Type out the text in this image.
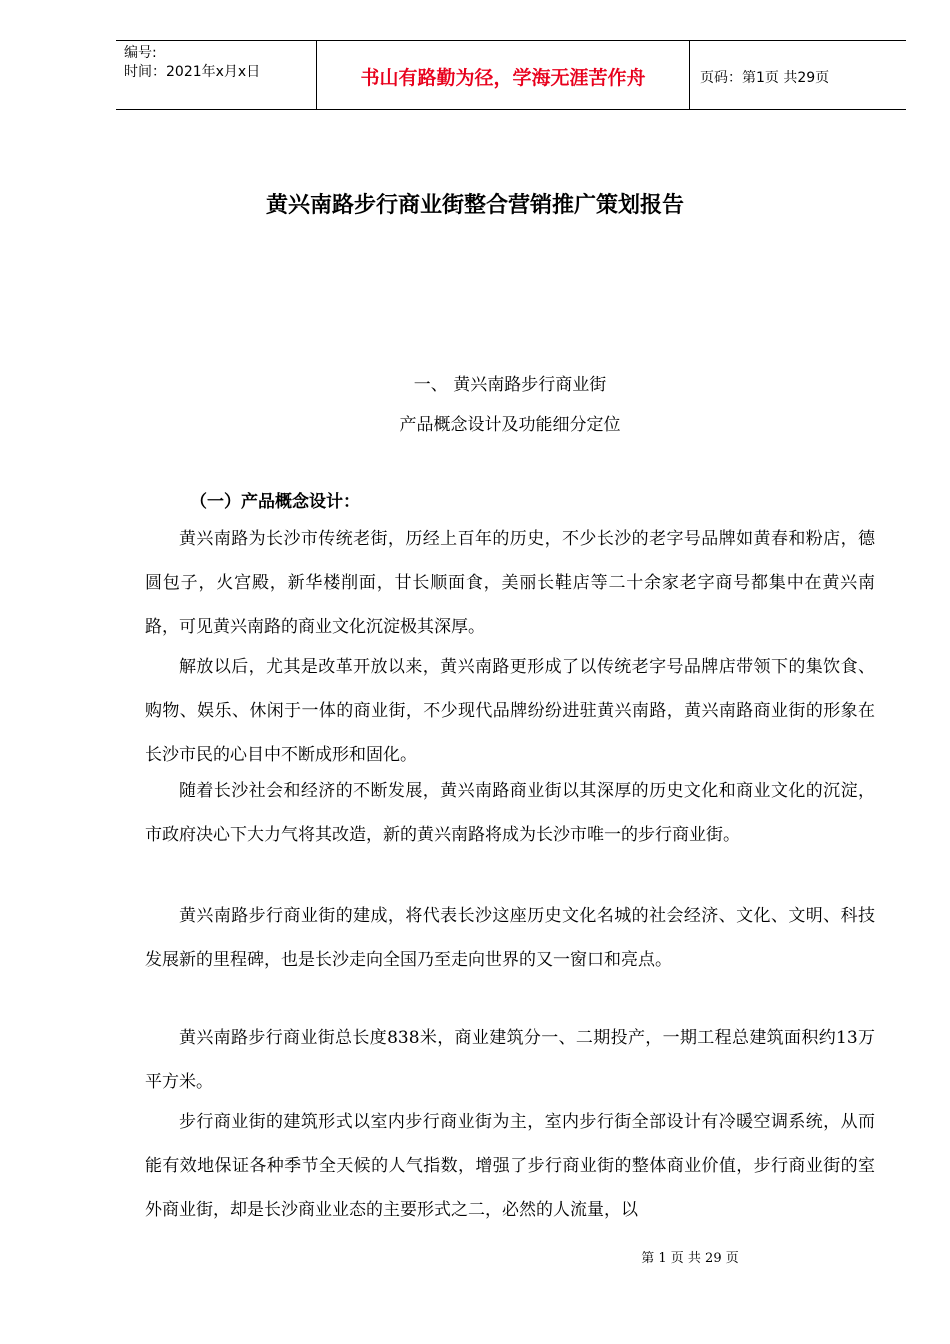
编号:
时间：2021年x月x日	书山有路勤为径，学海无涯苦作舟	页码：第1页 共29页
黄兴南路步行商业街整合营销推广策划报告
一、 黄兴南路步行商业街
产品概念设计及功能细分定位
（一）产品概念设计：

黄兴南路为长沙市传统老街，历经上百年的历史，不少长沙的老字号品牌如黄春和粉店，德圆包子，火宫殿，新华楼削面，甘长顺面食，美丽长鞋店等二十余家老字商号都集中在黄兴南路，可见黄兴南路的商业文化沉淀极其深厚。

解放以后，尤其是改革开放以来，黄兴南路更形成了以传统老字号品牌店带领下的集饮食、购物、娱乐、休闲于一体的商业街，不少现代品牌纷纷进驻黄兴南路，黄兴南路商业街的形象在长沙市民的心目中不断成形和固化。

随着长沙社会和经济的不断发展，黄兴南路商业街以其深厚的历史文化和商业文化的沉淀，市政府决心下大力气将其改造，新的黄兴南路将成为长沙市唯一的步行商业街。

黄兴南路步行商业街的建成，将代表长沙这座历史文化名城的社会经济、文化、文明、科技发展新的里程碑，也是长沙走向全国乃至走向世界的又一窗口和亮点。

黄兴南路步行商业街总长度838米，商业建筑分一、二期投产，一期工程总建筑面积约13万平方米。

步行商业街的建筑形式以室内步行商业街为主，室内步行街全部设计有冷暖空调系统，从而能有效地保证各种季节全天候的人气指数，增强了步行商业街的整体商业价值，步行商业街的室外商业街，却是长沙商业业态的主要形式之二，必然的人流量，以

第 1 页 共 29 页
